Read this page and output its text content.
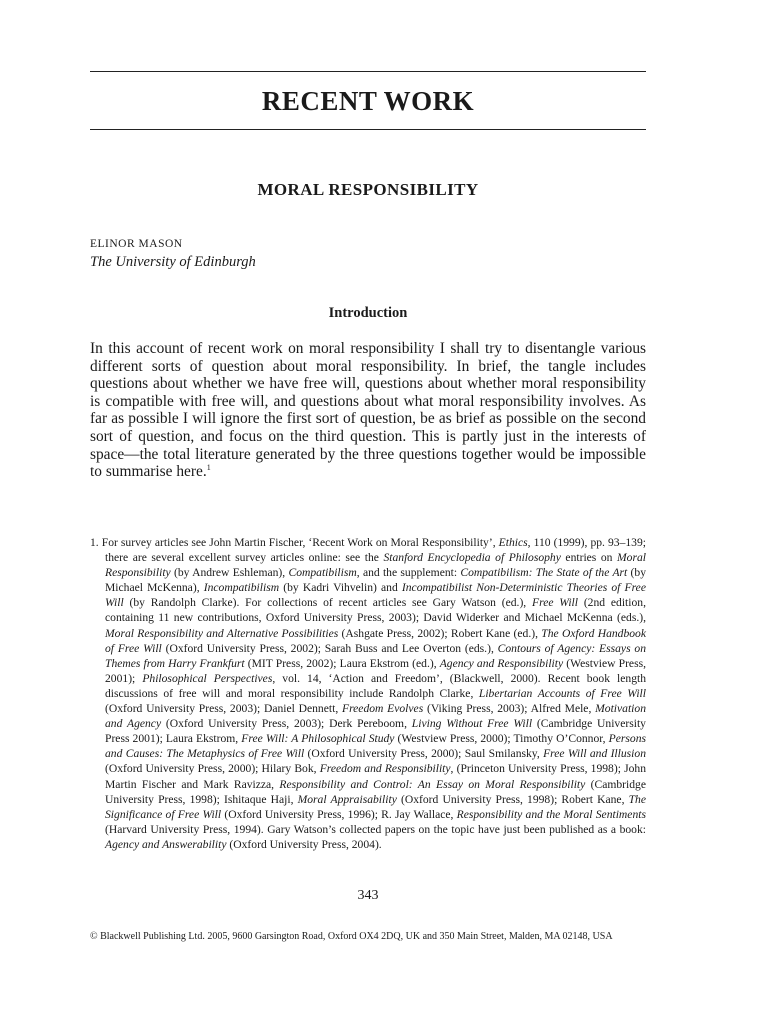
RECENT WORK
MORAL RESPONSIBILITY
ELINOR MASON
The University of Edinburgh
Introduction

In this account of recent work on moral responsibility I shall try to disentangle various different sorts of question about moral responsibility. In brief, the tangle includes questions about whether we have free will, questions about whether moral responsibility is compatible with free will, and questions about what moral responsibility involves. As far as possible I will ignore the first sort of question, be as brief as possible on the second sort of question, and focus on the third question. This is partly just in the interests of space—the total literature generated by the three questions together would be impossible to summarise here.$^1$

1. For survey articles see John Martin Fischer, ‘Recent Work on Moral Responsibility’, Ethics, 110 (1999), pp. 93–139; there are several excellent survey articles online: see the Stanford Encyclopedia of Philosophy entries on Moral Responsibility (by Andrew Eshleman), Compatibilism, and the supplement: Compatibilism: The State of the Art (by Michael McKenna), Incompatibilism (by Kadri Vihvelin) and Incompatibilist Non-Deterministic Theories of Free Will (by Randolph Clarke). For collections of recent articles see Gary Watson (ed.), Free Will (2nd edition, containing 11 new contributions, Oxford University Press, 2003); David Widerker and Michael McKenna (eds.), Moral Responsibility and Alternative Possibilities (Ashgate Press, 2002); Robert Kane (ed.), The Oxford Handbook of Free Will (Oxford University Press, 2002); Sarah Buss and Lee Overton (eds.), Contours of Agency: Essays on Themes from Harry Frankfurt (MIT Press, 2002); Laura Ekstrom (ed.), Agency and Responsibility (Westview Press, 2001); Philosophical Perspectives, vol. 14, ‘Action and Freedom’, (Blackwell, 2000). Recent book length discussions of free will and moral responsibility include Randolph Clarke, Libertarian Accounts of Free Will (Oxford University Press, 2003); Daniel Dennett, Freedom Evolves (Viking Press, 2003); Alfred Mele, Motivation and Agency (Oxford University Press, 2003); Derk Pereboom, Living Without Free Will (Cambridge University Press 2001); Laura Ekstrom, Free Will: A Philosophical Study (Westview Press, 2000); Timothy O’Connor, Persons and Causes: The Metaphysics of Free Will (Oxford University Press, 2000); Saul Smilansky, Free Will and Illusion (Oxford University Press, 2000); Hilary Bok, Freedom and Responsibility, (Princeton University Press, 1998); John Martin Fischer and Mark Ravizza, Responsibility and Control: An Essay on Moral Responsibility (Cambridge University Press, 1998); Ishitaque Haji, Moral Appraisability (Oxford University Press, 1998); Robert Kane, The Significance of Free Will (Oxford University Press, 1996); R. Jay Wallace, Responsibility and the Moral Sentiments (Harvard University Press, 1994). Gary Watson’s collected papers on the topic have just been published as a book: Agency and Answerability (Oxford University Press, 2004).

343

© Blackwell Publishing Ltd. 2005, 9600 Garsington Road, Oxford OX4 2DQ, UK and 350 Main Street, Malden, MA 02148, USA
